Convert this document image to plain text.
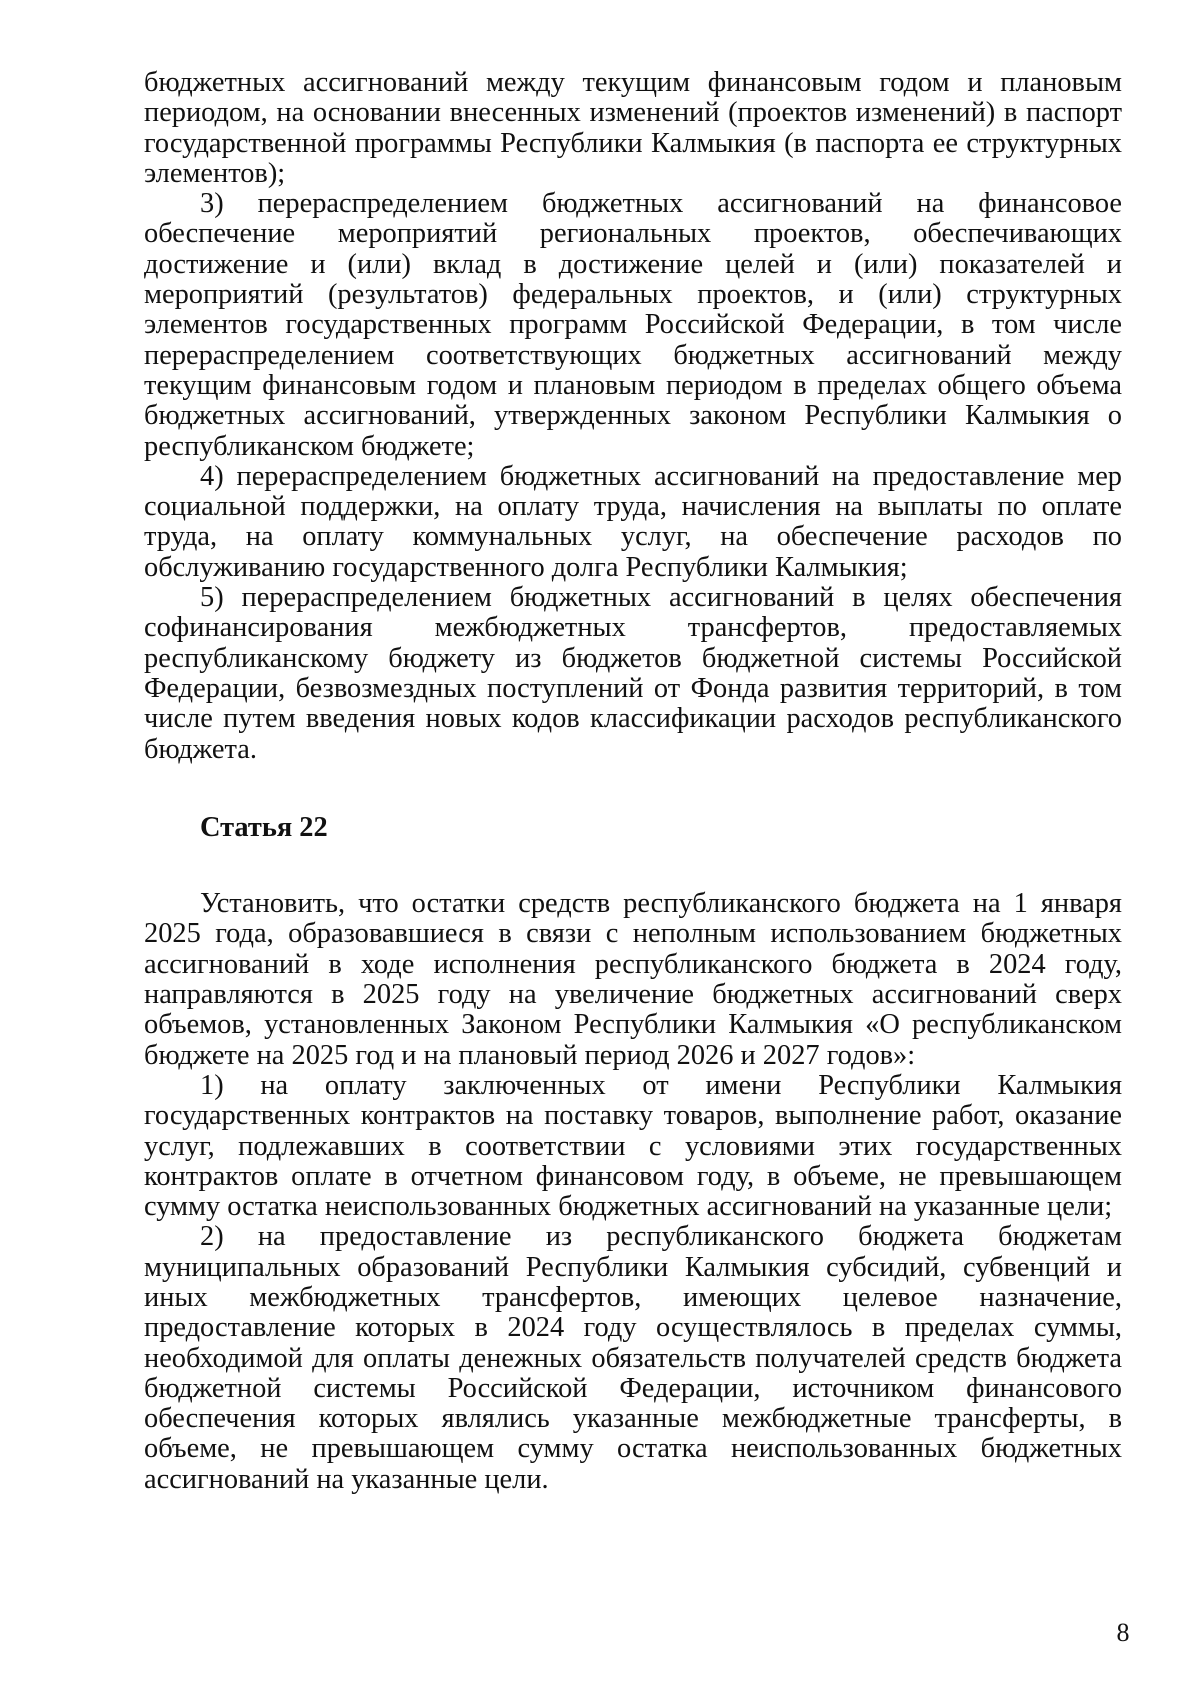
бюджетных ассигнований между текущим финансовым годом и плановым периодом, на основании внесенных изменений (проектов изменений) в паспорт государственной программы Республики Калмыкия (в паспорта ее структурных элементов);

3) перераспределением бюджетных ассигнований на финансовое обеспечение мероприятий региональных проектов, обеспечивающих достижение и (или) вклад в достижение целей и (или) показателей и мероприятий (результатов) федеральных проектов, и (или) структурных элементов государственных программ Российской Федерации, в том числе перераспределением соответствующих бюджетных ассигнований между текущим финансовым годом и плановым периодом в пределах общего объема бюджетных ассигнований, утвержденных законом Республики Калмыкия о республиканском бюджете;

4) перераспределением бюджетных ассигнований на предоставление мер социальной поддержки, на оплату труда, начисления на выплаты по оплате труда, на оплату коммунальных услуг, на обеспечение расходов по обслуживанию государственного долга Республики Калмыкия;

5) перераспределением бюджетных ассигнований в целях обеспечения софинансирования межбюджетных трансфертов, предоставляемых республиканскому бюджету из бюджетов бюджетной системы Российской Федерации, безвозмездных поступлений от Фонда развития территорий, в том числе путем введения новых кодов классификации расходов республиканского бюджета.

Статья 22

Установить, что остатки средств республиканского бюджета на 1 января 2025 года, образовавшиеся в связи с неполным использованием бюджетных ассигнований в ходе исполнения республиканского бюджета в 2024 году, направляются в 2025 году на увеличение бюджетных ассигнований сверх объемов, установленных Законом Республики Калмыкия «О республиканском бюджете на 2025 год и на плановый период 2026 и 2027 годов»:

1) на оплату заключенных от имени Республики Калмыкия государственных контрактов на поставку товаров, выполнение работ, оказание услуг, подлежавших в соответствии с условиями этих государственных контрактов оплате в отчетном финансовом году, в объеме, не превышающем сумму остатка неиспользованных бюджетных ассигнований на указанные цели;

2) на предоставление из республиканского бюджета бюджетам муниципальных образований Республики Калмыкия субсидий, субвенций и иных межбюджетных трансфертов, имеющих целевое назначение, предоставление которых в 2024 году осуществлялось в пределах суммы, необходимой для оплаты денежных обязательств получателей средств бюджета бюджетной системы Российской Федерации, источником финансового обеспечения которых являлись указанные межбюджетные трансферты, в объеме, не превышающем сумму остатка неиспользованных бюджетных ассигнований на указанные цели.

8
